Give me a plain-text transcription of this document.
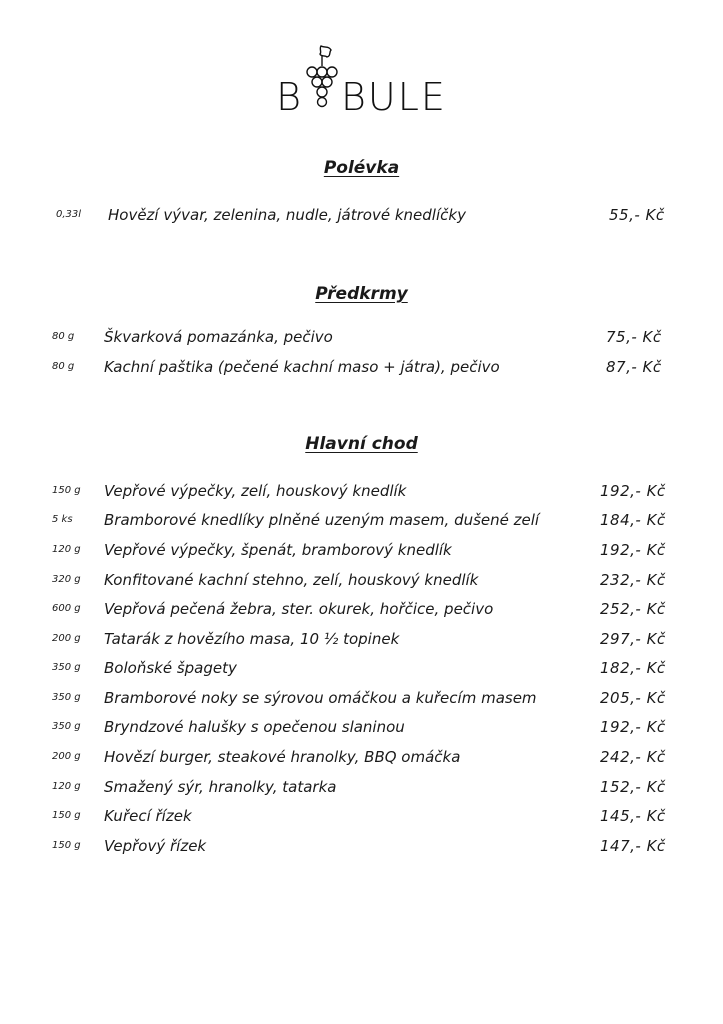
B BULE
Polévka
0,33l Hovězí vývar, zelenina, nudle, játrové knedlíčky	55,- Kč
Předkrmy
80 g Škvarková pomazánka, pečivo	75,- Kč
80 g Kachní paštika (pečené kachní maso + játra), pečivo	87,- Kč
Hlavní chod
150 g Vepřové výpečky, zelí, houskový knedlík	192,- Kč
5 ks Bramborové knedlíky plněné uzeným masem, dušené zelí	184,- Kč
120 g Vepřové výpečky, špenát, bramborový knedlík	192,- Kč
320 g Konfitované kachní stehno, zelí, houskový knedlík	232,- Kč
600 g Vepřová pečená žebra, ster. okurek, hořčice, pečivo	252,- Kč
200 g Tatarák z hovězího masa, 10 ½ topinek	297,- Kč
350 g Boloňské špagety	182,- Kč
350 g Bramborové noky se sýrovou omáčkou a kuřecím masem	205,- Kč
350 g Bryndzové halušky s opečenou slaninou	192,- Kč
200 g Hovězí burger, steakové hranolky, BBQ omáčka	242,- Kč
120 g Smažený sýr, hranolky, tatarka	152,- Kč
150 g Kuřecí řízek	145,- Kč
150 g Vepřový řízek	147,- Kč
